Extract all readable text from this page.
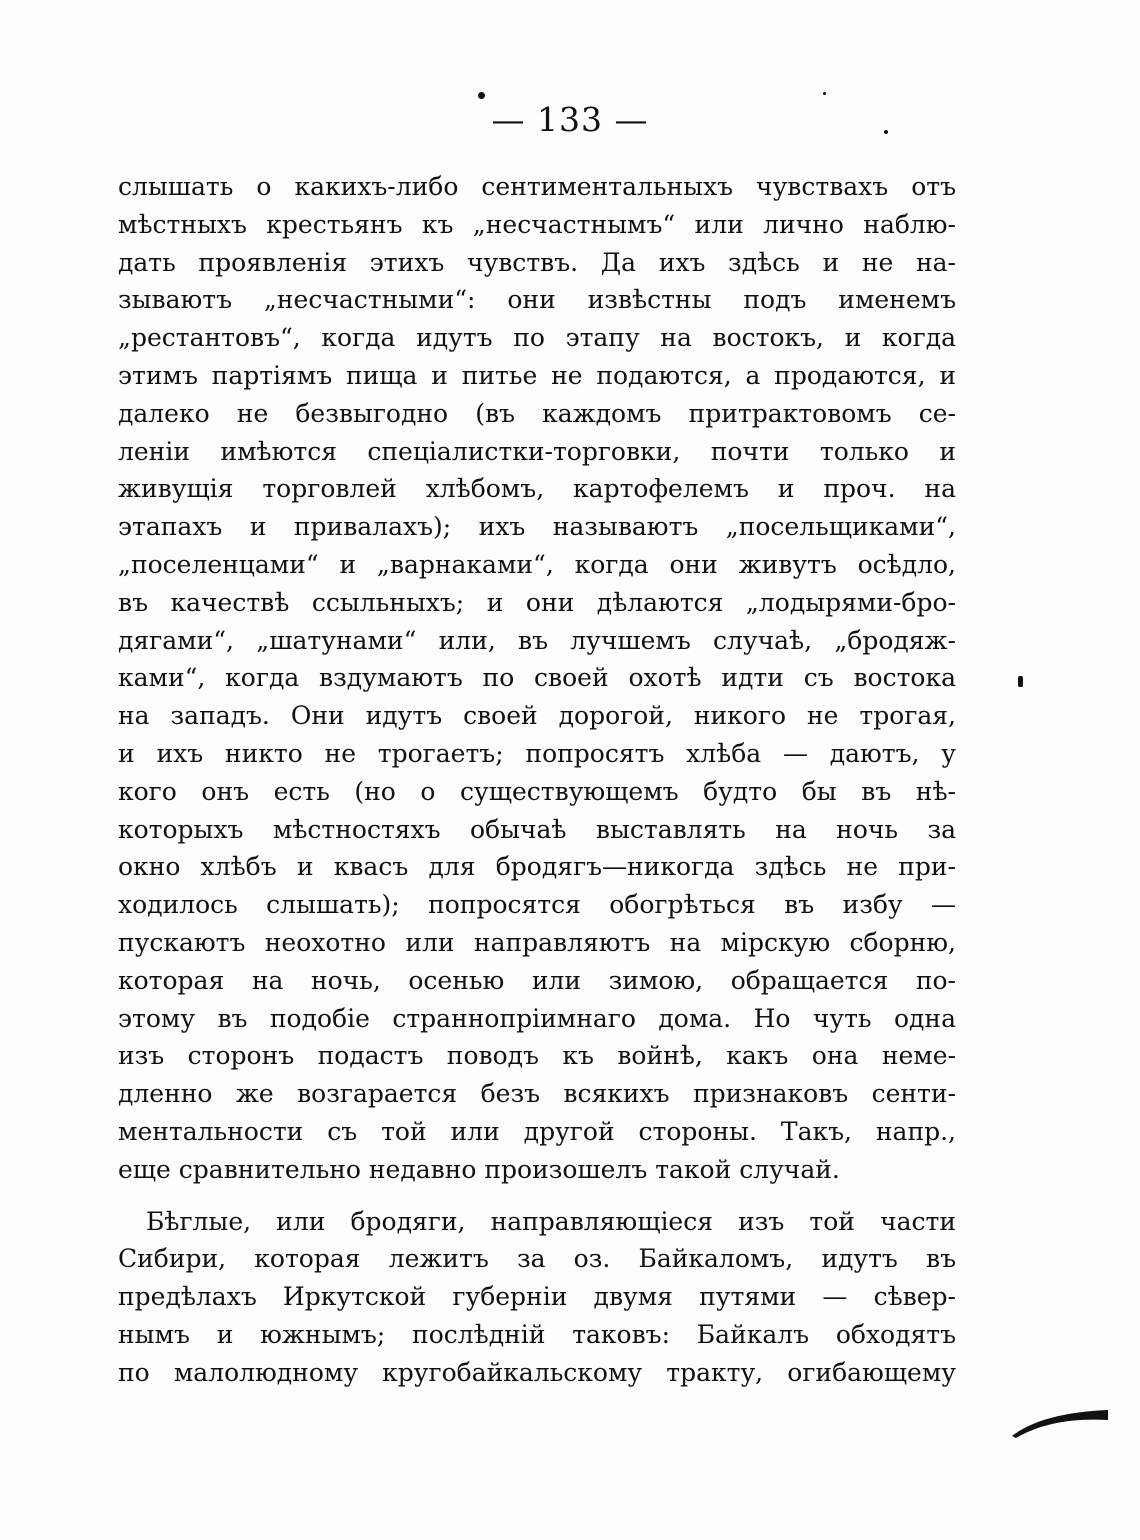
— 133 —
слышать о какихъ-либо сентиментальныхъ чувствахъ отъ
мѣстныхъ крестьянъ къ „несчастнымъ“ или лично наблю-
дать проявленія этихъ чувствъ. Да ихъ здѣсь и не на-
зываютъ „несчастными“: они извѣстны подъ именемъ
„рестантовъ“, когда идутъ по этапу на востокъ, и когда
этимъ партіямъ пища и питье не подаются, а продаются, и
далеко не безвыгодно (въ каждомъ притрактовомъ се-
леніи имѣются спеціалистки-торговки, почти только и
живущія торговлей хлѣбомъ, картофелемъ и проч. на
этапахъ и привалахъ); ихъ называютъ „посельщиками“,
„поселенцами“ и „варнаками“, когда они живутъ осѣдло,
въ качествѣ ссыльныхъ; и они дѣлаются „лодырями-бро-
дягами“, „шатунами“ или, въ лучшемъ случаѣ, „бродяж-
ками“, когда вздумаютъ по своей охотѣ идти съ востока
на западъ. Они идутъ своей дорогой, никого не трогая,
и ихъ никто не трогаетъ; попросятъ хлѣба — даютъ, у
кого онъ есть (но о существующемъ будто бы въ нѣ-
которыхъ мѣстностяхъ обычаѣ выставлять на ночь за
окно хлѣбъ и квасъ для бродягъ—никогда здѣсь не при-
ходилось слышать); попросятся обогрѣться въ избу —
пускаютъ неохотно или направляютъ на мірскую сборню,
которая на ночь, осенью или зимою, обращается по-
этому въ подобіе страннопріимнаго дома. Но чуть одна
изъ сторонъ подастъ поводъ къ войнѣ, какъ она неме-
дленно же возгарается безъ всякихъ признаковъ сенти-
ментальности съ той или другой стороны. Такъ, напр.,
еще сравнительно недавно произошелъ такой случай.
Бѣглые, или бродяги, направляющіеся изъ той части
Сибири, которая лежитъ за оз. Байкаломъ, идутъ въ
предѣлахъ Иркутской губерніи двумя путями — сѣвер-
нымъ и южнымъ; послѣдній таковъ: Байкалъ обходятъ
по малолюдному кругобайкальскому тракту, огибающему
